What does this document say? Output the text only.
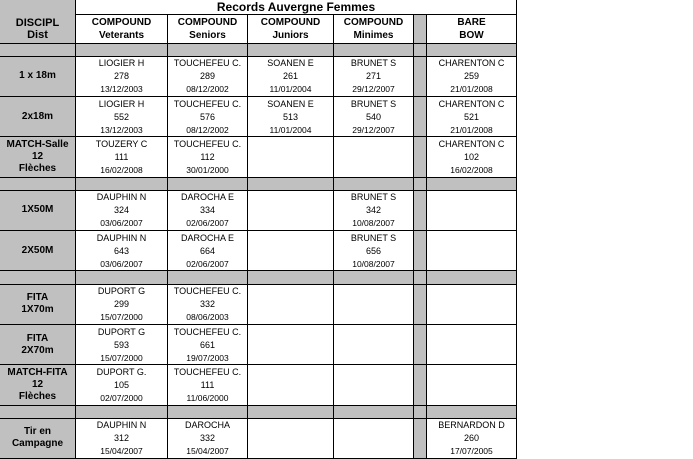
Records Auvergne Femmes
DISCIPL
Dist
COMPOUND
Veterants
COMPOUND
Seniors
COMPOUND
Juniors
COMPOUND
Minimes
BARE
BOW
1 x 18m
LIOGIER H
278
13/12/2003
TOUCHEFEU C.
289
08/12/2002
SOANEN E
261
11/01/2004
BRUNET S
271
29/12/2007
CHARENTON C
259
21/01/2008
2x18m
LIOGIER H
552
13/12/2003
TOUCHEFEU C.
576
08/12/2002
SOANEN E
513
11/01/2004
BRUNET S
540
29/12/2007
CHARENTON C
521
21/01/2008
MATCH-Salle
12
Flèches
TOUZERY C
111
16/02/2008
TOUCHEFEU C.
112
30/01/2000
CHARENTON C
102
16/02/2008
1X50M
DAUPHIN N
324
03/06/2007
DAROCHA E
334
02/06/2007
BRUNET S
342
10/08/2007
2X50M
DAUPHIN N
643
03/06/2007
DAROCHA E
664
02/06/2007
BRUNET S
656
10/08/2007
FITA
1X70m
DUPORT G
299
15/07/2000
TOUCHEFEU C.
332
08/06/2003
FITA
2X70m
DUPORT G
593
15/07/2000
TOUCHEFEU C.
661
19/07/2003
MATCH-FITA
12
Flèches
DUPORT G.
105
02/07/2000
TOUCHEFEU C.
111
11/06/2000
Tir en
Campagne
DAUPHIN N
312
15/04/2007
DAROCHA
332
15/04/2007
BERNARDON D
260
17/07/2005
